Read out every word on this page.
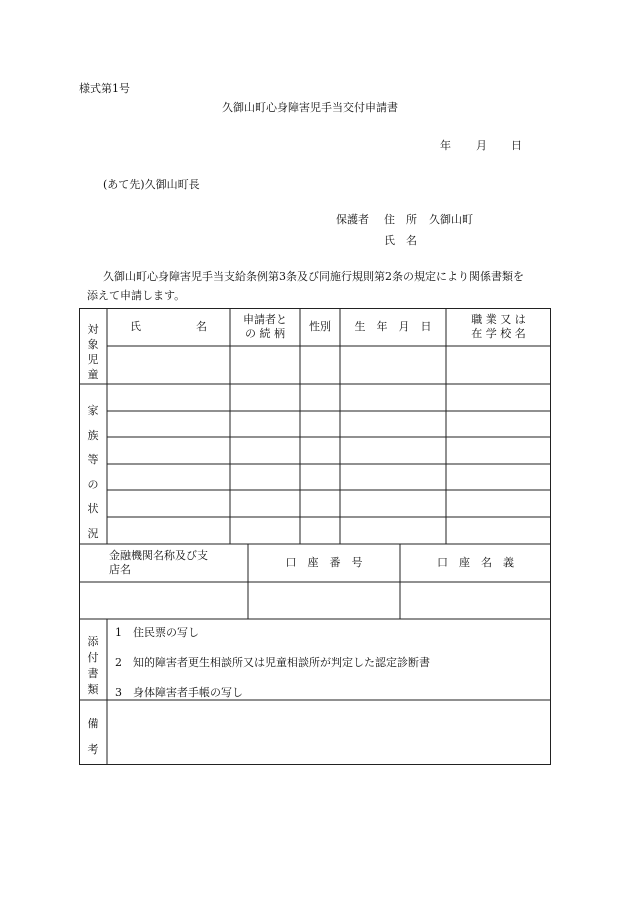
様式第1号
久御山町心身障害児手当交付申請書
年 月 日
(あて先)久御山町長
保護者 住　所 久御山町
氏　名
久御山町心身障害児手当支給条例第3条及び同施行規則第2条の規定により関係書類を
添えて申請します。
氏　　　　　名
申請者と
の 続 柄
性別	生　年　月　日
職 業 又 は
在 学 校 名
対
象
児
童
家
族
等
の
状
況
金融機関名称及び支
店名
口　座　番　号	口　座　名　義
添
付
書
類
1　住民票の写し
2　知的障害者更生相談所又は児童相談所が判定した認定診断書
3　身体障害者手帳の写し
備
考
